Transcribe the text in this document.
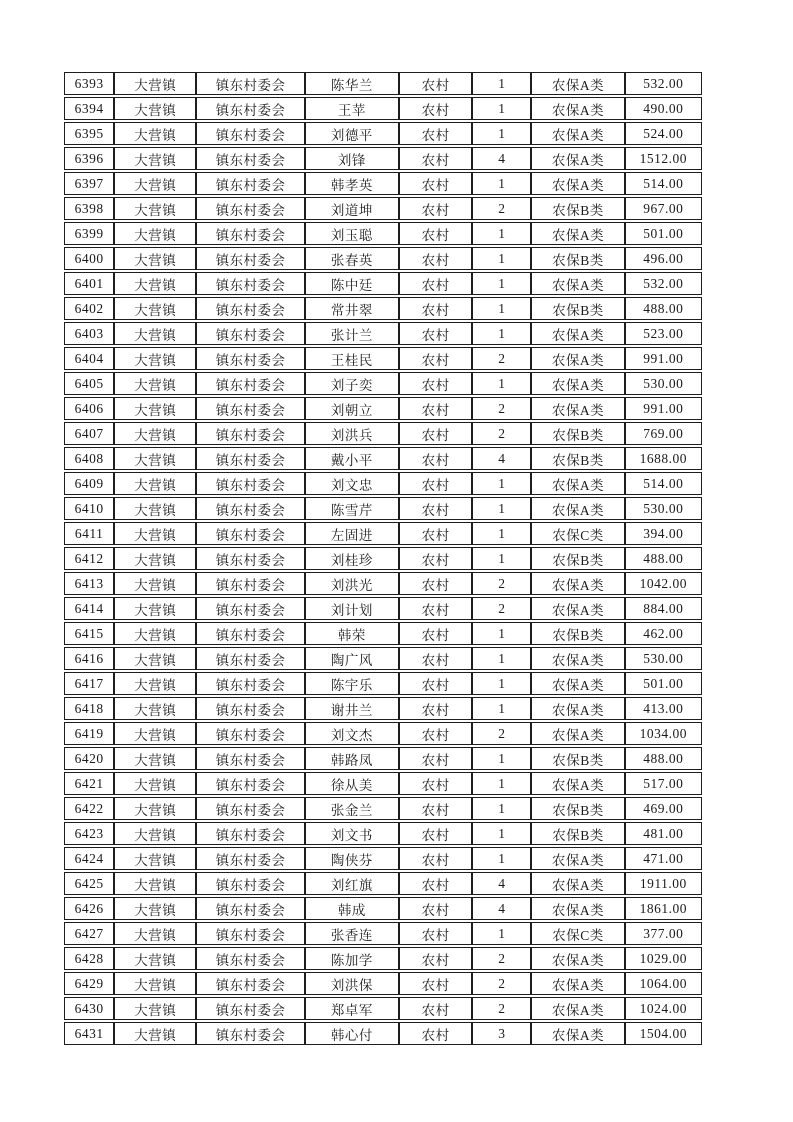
6393	大营镇	镇东村委会	陈华兰	农村	1	农保A类	532.00
6394	大营镇	镇东村委会	王苹	农村	1	农保A类	490.00
6395	大营镇	镇东村委会	刘德平	农村	1	农保A类	524.00
6396	大营镇	镇东村委会	刘锋	农村	4	农保A类	1512.00
6397	大营镇	镇东村委会	韩孝英	农村	1	农保A类	514.00
6398	大营镇	镇东村委会	刘道坤	农村	2	农保B类	967.00
6399	大营镇	镇东村委会	刘玉聪	农村	1	农保A类	501.00
6400	大营镇	镇东村委会	张春英	农村	1	农保B类	496.00
6401	大营镇	镇东村委会	陈中廷	农村	1	农保A类	532.00
6402	大营镇	镇东村委会	常井翠	农村	1	农保B类	488.00
6403	大营镇	镇东村委会	张计兰	农村	1	农保A类	523.00
6404	大营镇	镇东村委会	王桂民	农村	2	农保A类	991.00
6405	大营镇	镇东村委会	刘子奕	农村	1	农保A类	530.00
6406	大营镇	镇东村委会	刘朝立	农村	2	农保A类	991.00
6407	大营镇	镇东村委会	刘洪兵	农村	2	农保B类	769.00
6408	大营镇	镇东村委会	戴小平	农村	4	农保B类	1688.00
6409	大营镇	镇东村委会	刘文忠	农村	1	农保A类	514.00
6410	大营镇	镇东村委会	陈雪芹	农村	1	农保A类	530.00
6411	大营镇	镇东村委会	左固进	农村	1	农保C类	394.00
6412	大营镇	镇东村委会	刘桂珍	农村	1	农保B类	488.00
6413	大营镇	镇东村委会	刘洪光	农村	2	农保A类	1042.00
6414	大营镇	镇东村委会	刘计划	农村	2	农保A类	884.00
6415	大营镇	镇东村委会	韩荣	农村	1	农保B类	462.00
6416	大营镇	镇东村委会	陶广风	农村	1	农保A类	530.00
6417	大营镇	镇东村委会	陈宇乐	农村	1	农保A类	501.00
6418	大营镇	镇东村委会	谢井兰	农村	1	农保A类	413.00
6419	大营镇	镇东村委会	刘文杰	农村	2	农保A类	1034.00
6420	大营镇	镇东村委会	韩路凤	农村	1	农保B类	488.00
6421	大营镇	镇东村委会	徐从美	农村	1	农保A类	517.00
6422	大营镇	镇东村委会	张金兰	农村	1	农保B类	469.00
6423	大营镇	镇东村委会	刘文书	农村	1	农保B类	481.00
6424	大营镇	镇东村委会	陶侠芬	农村	1	农保A类	471.00
6425	大营镇	镇东村委会	刘红旗	农村	4	农保A类	1911.00
6426	大营镇	镇东村委会	韩成	农村	4	农保A类	1861.00
6427	大营镇	镇东村委会	张香连	农村	1	农保C类	377.00
6428	大营镇	镇东村委会	陈加学	农村	2	农保A类	1029.00
6429	大营镇	镇东村委会	刘洪保	农村	2	农保A类	1064.00
6430	大营镇	镇东村委会	郑卓军	农村	2	农保A类	1024.00
6431	大营镇	镇东村委会	韩心付	农村	3	农保A类	1504.00
